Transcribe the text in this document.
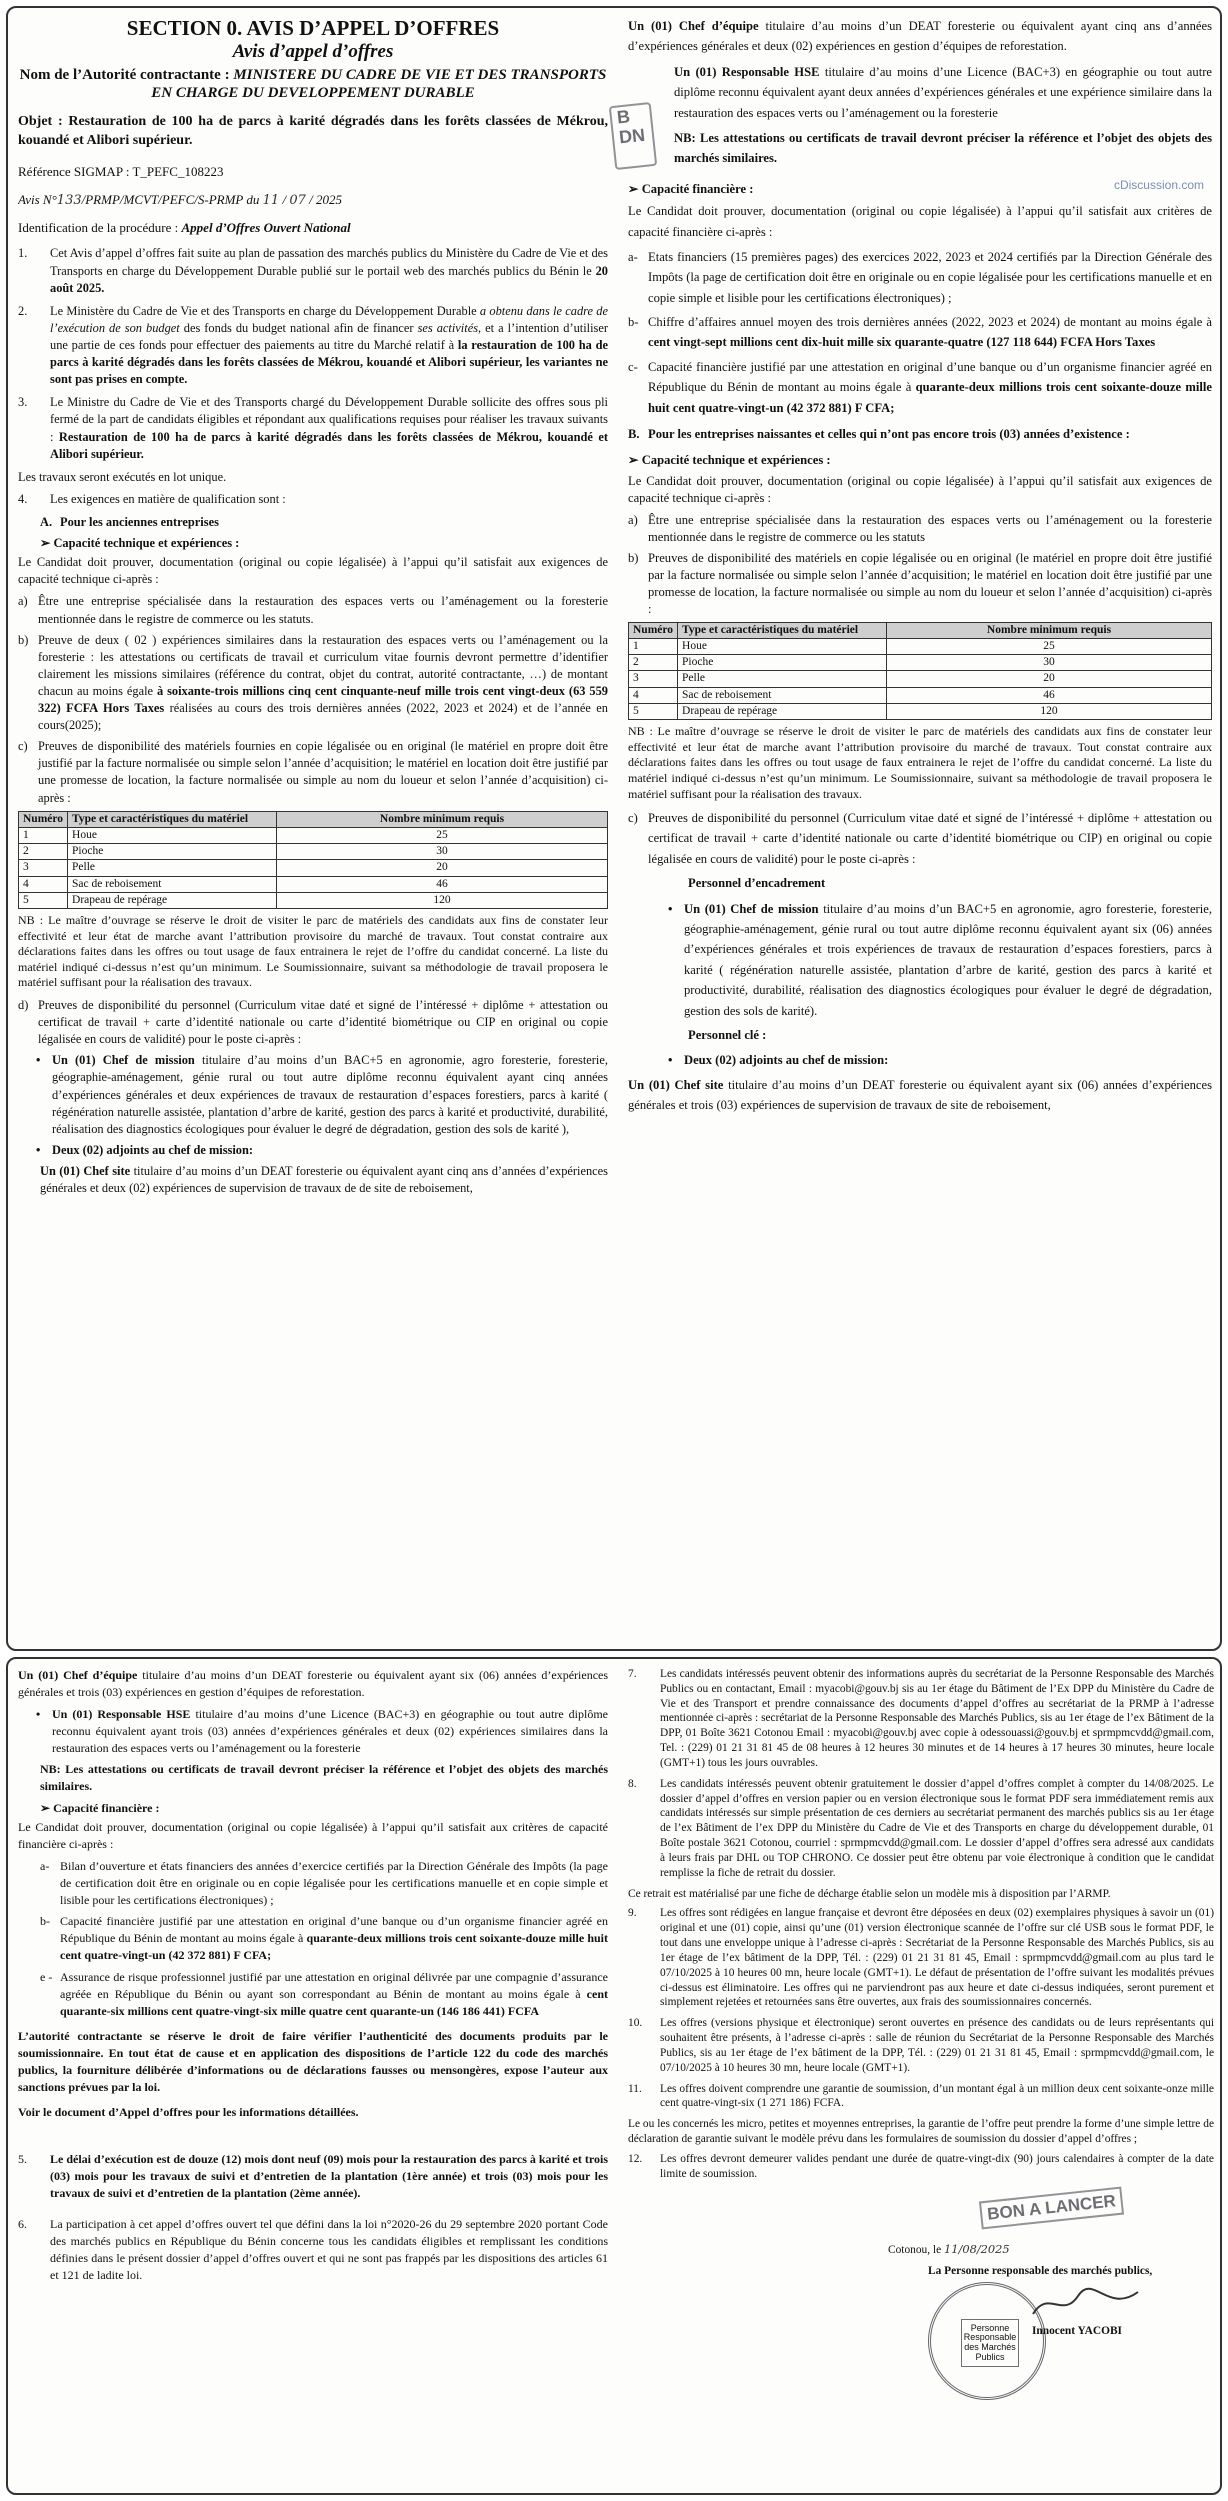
cDiscussion.com
B
DN
SECTION 0. AVIS D’APPEL D’OFFRES
Avis d’appel d’offres
Nom de l’Autorité contractante : MINISTERE DU CADRE DE VIE ET DES TRANSPORTS EN CHARGE DU DEVELOPPEMENT DURABLE

Objet : Restauration de 100 ha de parcs à karité dégradés dans les forêts classées de Mékrou, kouandé et Alibori supérieur.

Référence SIGMAP : T_PEFC_108223
Avis N°133/PRMP/MCVT/PEFC/S-PRMP du 11 / 07 / 2025
Identification de la procédure : Appel d’Offres Ouvert National
1.	Cet Avis d’appel d’offres fait suite au plan de passation des marchés publics du Ministère du Cadre de Vie et des Transports en charge du Développement Durable publié sur le portail web des marchés publics du Bénin le 20 août 2025.
2.	Le Ministère du Cadre de Vie et des Transports en charge du Développement Durable a obtenu dans le cadre de l’exécution de son budget des fonds du budget national afin de financer ses activités, et a l’intention d’utiliser une partie de ces fonds pour effectuer des paiements au titre du Marché relatif à la restauration de 100 ha de parcs à karité dégradés dans les forêts classées de Mékrou, kouandé et Alibori supérieur, les variantes ne sont pas prises en compte.
3.	Le Ministre du Cadre de Vie et des Transports chargé du Développement Durable sollicite des offres sous pli fermé de la part de candidats éligibles et répondant aux qualifications requises pour réaliser les travaux suivants : Restauration de 100 ha de parcs à karité dégradés dans les forêts classées de Mékrou, kouandé et Alibori supérieur.

Les travaux seront exécutés en lot unique.

4.	Les exigences en matière de qualification sont :
A. Pour les anciennes entreprises
➢ Capacité technique et expériences :

Le Candidat doit prouver, documentation (original ou copie légalisée) à l’appui qu’il satisfait aux exigences de capacité technique ci-après :

a) Être une entreprise spécialisée dans la restauration des espaces verts ou l’aménagement ou la foresterie mentionnée dans le registre de commerce ou les statuts.
b) Preuve de deux ( 02 ) expériences similaires dans la restauration des espaces verts ou l’aménagement ou la foresterie : les attestations ou certificats de travail et curriculum vitae fournis devront permettre d’identifier clairement les missions similaires (référence du contrat, objet du contrat, autorité contractante, …) de montant chacun au moins égale à soixante-trois millions cinq cent cinquante-neuf mille trois cent vingt-deux (63 559 322) FCFA Hors Taxes réalisées au cours des trois dernières années (2022, 2023 et 2024) et de l’année en cours(2025);
c) Preuves de disponibilité des matériels fournies en copie légalisée ou en original (le matériel en propre doit être justifié par la facture normalisée ou simple selon l’année d’acquisition; le matériel en location doit être justifié par une promesse de location, la facture normalisée ou simple au nom du loueur et selon l’année d’acquisition) ci-après :
Numéro	Type et caractéristiques du matériel	Nombre minimum requis
1	Houe	25
2	Pioche	30
3	Pelle	20
4	Sac de reboisement	46
5	Drapeau de repérage	120

NB : Le maître d’ouvrage se réserve le droit de visiter le parc de matériels des candidats aux fins de constater leur effectivité et leur état de marche avant l’attribution provisoire du marché de travaux. Tout constat contraire aux déclarations faites dans les offres ou tout usage de faux entrainera le rejet de l’offre du candidat concerné. La liste du matériel indiqué ci-dessus n’est qu’un minimum. Le Soumissionnaire, suivant sa méthodologie de travail proposera le matériel suffisant pour la réalisation des travaux.

d) Preuves de disponibilité du personnel (Curriculum vitae daté et signé de l’intéressé + diplôme + attestation ou certificat de travail + carte d’identité nationale ou carte d’identité biométrique ou CIP en original ou copie légalisée en cours de validité) pour le poste ci-après :
• Un (01) Chef de mission titulaire d’au moins d’un BAC+5 en agronomie, agro foresterie, foresterie, géographie-aménagement, génie rural ou tout autre diplôme reconnu équivalent ayant cinq années d’expériences générales et deux expériences de travaux de restauration d’espaces forestiers, parcs à karité ( régénération naturelle assistée, plantation d’arbre de karité, gestion des parcs à karité et productivité, durabilité, réalisation des diagnostics écologiques pour évaluer le degré de dégradation, gestion des sols de karité ),
• Deux (02) adjoints au chef de mission:

Un (01) Chef site titulaire d’au moins d’un DEAT foresterie ou équivalent ayant cinq ans d’années d’expériences générales et deux (02) expériences de supervision de travaux de de site de reboisement,

Un (01) Chef d’équipe titulaire d’au moins d’un DEAT foresterie ou équivalent ayant cinq ans d’années d’expériences générales et deux (02) expériences en gestion d’équipes de reforestation.

Un (01) Responsable HSE titulaire d’au moins d’une Licence (BAC+3) en géographie ou tout autre diplôme reconnu équivalent ayant deux années d’expériences générales et une expérience similaire dans la restauration des espaces verts ou l’aménagement ou la foresterie

NB: Les attestations ou certificats de travail devront préciser la référence et l’objet des objets des marchés similaires.

➢ Capacité financière :

Le Candidat doit prouver, documentation (original ou copie légalisée) à l’appui qu’il satisfait aux critères de capacité financière ci-après :

a- Etats financiers (15 premières pages) des exercices 2022, 2023 et 2024 certifiés par la Direction Générale des Impôts (la page de certification doit être en originale ou en copie légalisée pour les certifications manuelle et en copie simple et lisible pour les certifications électroniques) ;
b- Chiffre d’affaires annuel moyen des trois dernières années (2022, 2023 et 2024) de montant au moins égale à cent vingt-sept millions cent dix-huit mille six quarante-quatre (127 118 644) FCFA Hors Taxes
c- Capacité financière justifié par une attestation en original d’une banque ou d’un organisme financier agréé en République du Bénin de montant au moins égale à quarante-deux millions trois cent soixante-douze mille huit cent quatre-vingt-un (42 372 881) F CFA;
B. Pour les entreprises naissantes et celles qui n’ont pas encore trois (03) années d’existence :
➢ Capacité technique et expériences :

Le Candidat doit prouver, documentation (original ou copie légalisée) à l’appui qu’il satisfait aux exigences de capacité technique ci-après :

a) Être une entreprise spécialisée dans la restauration des espaces verts ou l’aménagement ou la foresterie mentionnée dans le registre de commerce ou les statuts
b) Preuves de disponibilité des matériels en copie légalisée ou en original (le matériel en propre doit être justifié par la facture normalisée ou simple selon l’année d’acquisition; le matériel en location doit être justifié par une promesse de location, la facture normalisée ou simple au nom du loueur et selon l’année d’acquisition) ci-après :
Numéro	Type et caractéristiques du matériel	Nombre minimum requis
1	Houe	25
2	Pioche	30
3	Pelle	20
4	Sac de reboisement	46
5	Drapeau de repérage	120

NB : Le maître d’ouvrage se réserve le droit de visiter le parc de matériels des candidats aux fins de constater leur effectivité et leur état de marche avant l’attribution provisoire du marché de travaux. Tout constat contraire aux déclarations faites dans les offres ou tout usage de faux entrainera le rejet de l’offre du candidat concerné. La liste du matériel indiqué ci-dessus n’est qu’un minimum. Le Soumissionnaire, suivant sa méthodologie de travail proposera le matériel suffisant pour la réalisation des travaux.

c) Preuves de disponibilité du personnel (Curriculum vitae daté et signé de l’intéressé + diplôme + attestation ou certificat de travail + carte d’identité nationale ou carte d’identité biométrique ou CIP) en original ou copie légalisée en cours de validité) pour le poste ci-après :

Personnel d’encadrement

• Un (01) Chef de mission titulaire d’au moins d’un BAC+5 en agronomie, agro foresterie, foresterie, géographie-aménagement, génie rural ou tout autre diplôme reconnu équivalent ayant six (06) années d’expériences générales et trois expériences de travaux de restauration d’espaces forestiers, parcs à karité ( régénération naturelle assistée, plantation d’arbre de karité, gestion des parcs à karité et productivité, durabilité, réalisation des diagnostics écologiques pour évaluer le degré de dégradation, gestion des sols de karité).

Personnel clé :

• Deux (02) adjoints au chef de mission:

Un (01) Chef site titulaire d’au moins d’un DEAT foresterie ou équivalent ayant six (06) années d’expériences générales et trois (03) expériences de supervision de travaux de site de reboisement,

Un (01) Chef d’équipe titulaire d’au moins d’un DEAT foresterie ou équivalent ayant six (06) années d’expériences générales et trois (03) expériences en gestion d’équipes de reforestation.

• Un (01) Responsable HSE titulaire d’au moins d’une Licence (BAC+3) en géographie ou tout autre diplôme reconnu équivalent ayant trois (03) années d’expériences générales et deux (02) expériences similaires dans la restauration des espaces verts ou l’aménagement ou la foresterie

NB: Les attestations ou certificats de travail devront préciser la référence et l’objet des objets des marchés similaires.

➢ Capacité financière :

Le Candidat doit prouver, documentation (original ou copie légalisée) à l’appui qu’il satisfait aux critères de capacité financière ci-après :

a- Bilan d’ouverture et états financiers des années d’exercice certifiés par la Direction Générale des Impôts (la page de certification doit être en originale ou en copie légalisée pour les certifications manuelle et en copie simple et lisible pour les certifications électroniques) ;
b- Capacité financière justifié par une attestation en original d’une banque ou d’un organisme financier agréé en République du Bénin de montant au moins égale à quarante-deux millions trois cent soixante-douze mille huit cent quatre-vingt-un (42 372 881) F CFA;
e - Assurance de risque professionnel justifié par une attestation en original délivrée par une compagnie d’assurance agréée en République du Bénin ou ayant son correspondant au Bénin de montant au moins égale à cent quarante-six millions cent quatre-vingt-six mille quatre cent quarante-un (146 186 441) FCFA

L’autorité contractante se réserve le droit de faire vérifier l’authenticité des documents produits par le soumissionnaire. En tout état de cause et en application des dispositions de l’article 122 du code des marchés publics, la fourniture délibérée d’informations ou de déclarations fausses ou mensongères, expose l’auteur aux sanctions prévues par la loi.

Voir le document d’Appel d’offres pour les informations détaillées.

5.	Le délai d’exécution est de douze (12) mois dont neuf (09) mois pour la restauration des parcs à karité et trois (03) mois pour les travaux de suivi et d’entretien de la plantation (1ère année) et trois (03) mois pour les travaux de suivi et d’entretien de la plantation (2ème année).
6.	La participation à cet appel d’offres ouvert tel que défini dans la loi n°2020-26 du 29 septembre 2020 portant Code des marchés publics en République du Bénin concerne tous les candidats éligibles et remplissant les conditions définies dans le présent dossier d’appel d’offres ouvert et qui ne sont pas frappés par les dispositions des articles 61 et 121 de ladite loi.
7.	Les candidats intéressés peuvent obtenir des informations auprès du secrétariat de la Personne Responsable des Marchés Publics ou en contactant, Email : myacobi@gouv.bj sis au 1er étage du Bâtiment de l’Ex DPP du Ministère du Cadre de Vie et des Transport et prendre connaissance des documents d’appel d’offres au secrétariat de la PRMP à l’adresse mentionnée ci-après : secrétariat de la Personne Responsable des Marchés Publics, sis au 1er étage de l’ex Bâtiment de la DPP, 01 Boîte 3621 Cotonou Email : myacobi@gouv.bj avec copie à odessouassi@gouv.bj et sprmpmcvdd@gmail.com, Tel. : (229) 01 21 31 81 45 de 08 heures à 12 heures 30 minutes et de 14 heures à 17 heures 30 minutes, heure locale (GMT+1) tous les jours ouvrables.
8.	Les candidats intéressés peuvent obtenir gratuitement le dossier d’appel d’offres complet à compter du 14/08/2025. Le dossier d’appel d’offres en version papier ou en version électronique sous le format PDF sera immédiatement remis aux candidats intéressés sur simple présentation de ces derniers au secrétariat permanent des marchés publics sis au 1er étage de l’ex Bâtiment de l’ex DPP du Ministère du Cadre de Vie et des Transports en charge du développement durable, 01 Boîte postale 3621 Cotonou, courriel : sprmpmcvdd@gmail.com. Le dossier d’appel d’offres sera adressé aux candidats à leurs frais par DHL ou TOP CHRONO. Ce dossier peut être obtenu par voie électronique à condition que le candidat remplisse la fiche de retrait du dossier.

Ce retrait est matérialisé par une fiche de décharge établie selon un modèle mis à disposition par l’ARMP.

9.	Les offres sont rédigées en langue française et devront être déposées en deux (02) exemplaires physiques à savoir un (01) original et une (01) copie, ainsi qu’une (01) version électronique scannée de l’offre sur clé USB sous le format PDF, le tout dans une enveloppe unique à l’adresse ci-après : Secrétariat de la Personne Responsable des Marchés Publics, sis au 1er étage de l’ex bâtiment de la DPP, Tél. : (229) 01 21 31 81 45, Email : sprmpmcvdd@gmail.com au plus tard le 07/10/2025 à 10 heures 00 mn, heure locale (GMT+1). Le défaut de présentation de l’offre suivant les modalités prévues ci-dessus est éliminatoire. Les offres qui ne parviendront pas aux heure et date ci-dessus indiquées, seront purement et simplement rejetées et retournées sans être ouvertes, aux frais des soumissionnaires concernés.
10.	Les offres (versions physique et électronique) seront ouvertes en présence des candidats ou de leurs représentants qui souhaitent être présents, à l’adresse ci-après : salle de réunion du Secrétariat de la Personne Responsable des Marchés Publics, sis au 1er étage de l’ex bâtiment de la DPP, Tél. : (229) 01 21 31 81 45, Email : sprmpmcvdd@gmail.com, le 07/10/2025 à 10 heures 30 mn, heure locale (GMT+1).
11.	Les offres doivent comprendre une garantie de soumission, d’un montant égal à un million deux cent soixante-onze mille cent quatre-vingt-six (1 271 186) FCFA.

Le ou les concernés les micro, petites et moyennes entreprises, la garantie de l’offre peut prendre la forme d’une simple lettre de déclaration de garantie suivant le modèle prévu dans les formulaires de soumission du dossier d’appel d’offres ;

12.	Les offres devront demeurer valides pendant une durée de quatre-vingt-dix (90) jours calendaires à compter de la date limite de soumission.
BON A LANCER
Cotonou, le 11/08/2025
La Personne responsable des marchés publics,
Personne Responsable des Marchés Publics
Innocent YACOBI
